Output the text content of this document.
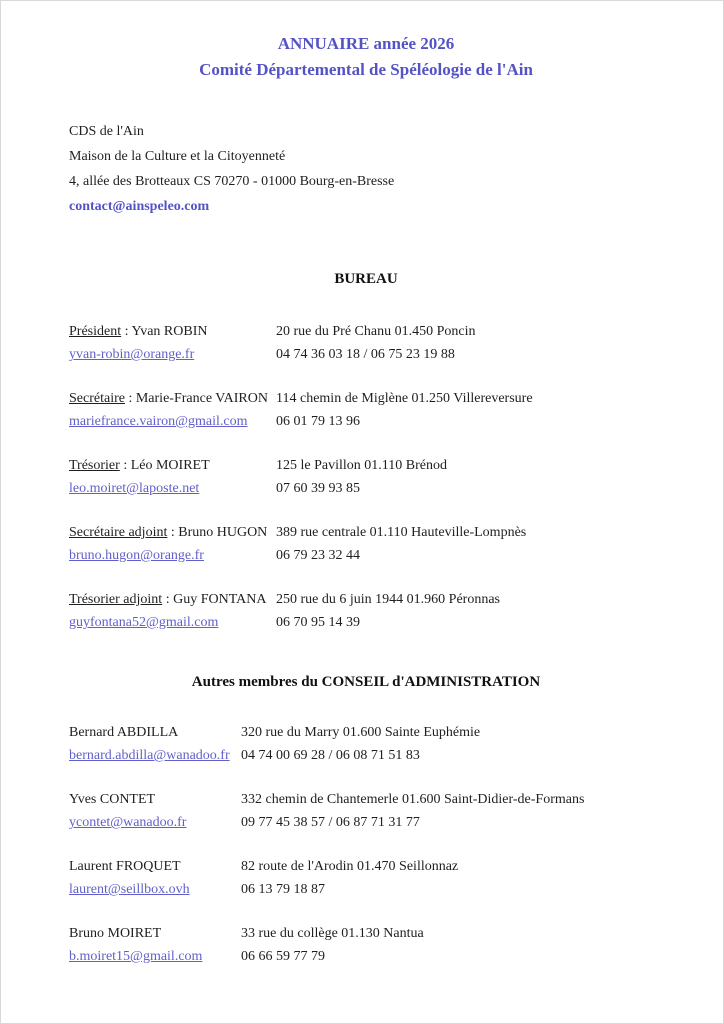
ANNUAIRE année 2026
Comité Départemental de Spéléologie de l'Ain
CDS de l'Ain
Maison de la Culture et la Citoyenneté
4, allée des Brotteaux CS 70270 - 01000 Bourg-en-Bresse
contact@ainspeleo.com
BUREAU
Président : Yvan ROBIN	20 rue du Pré Chanu 01.450 Poncin
yvan-robin@orange.fr	04 74 36 03 18 / 06 75 23 19 88
Secrétaire : Marie-France VAIRON 114 chemin de Miglène 01.250 Villereversure
mariefrance.vairon@gmail.com	06 01 79 13 96
Trésorier : Léo MOIRET	125 le Pavillon 01.110 Brénod
leo.moiret@laposte.net	07 60 39 93 85
Secrétaire adjoint : Bruno HUGON 389 rue centrale 01.110 Hauteville-Lompnès
bruno.hugon@orange.fr	06 79 23 32 44
Trésorier adjoint : Guy FONTANA 250 rue du 6 juin 1944 01.960 Péronnas
guyfontana52@gmail.com	06 70 95 14 39
Autres membres du CONSEIL d'ADMINISTRATION
Bernard ABDILLA	320 rue du Marry 01.600 Sainte Euphémie
bernard.abdilla@wanadoo.fr 04 74 00 69 28 / 06 08 71 51 83
Yves CONTET	332 chemin de Chantemerle 01.600 Saint-Didier-de-Formans
ycontet@wanadoo.fr	09 77 45 38 57 / 06 87 71 31 77
Laurent FROQUET	82 route de l'Arodin 01.470 Seillonnaz
laurent@seillbox.ovh	06 13 79 18 87
Bruno MOIRET	33 rue du collège 01.130 Nantua
b.moiret15@gmail.com	06 66 59 77 79
